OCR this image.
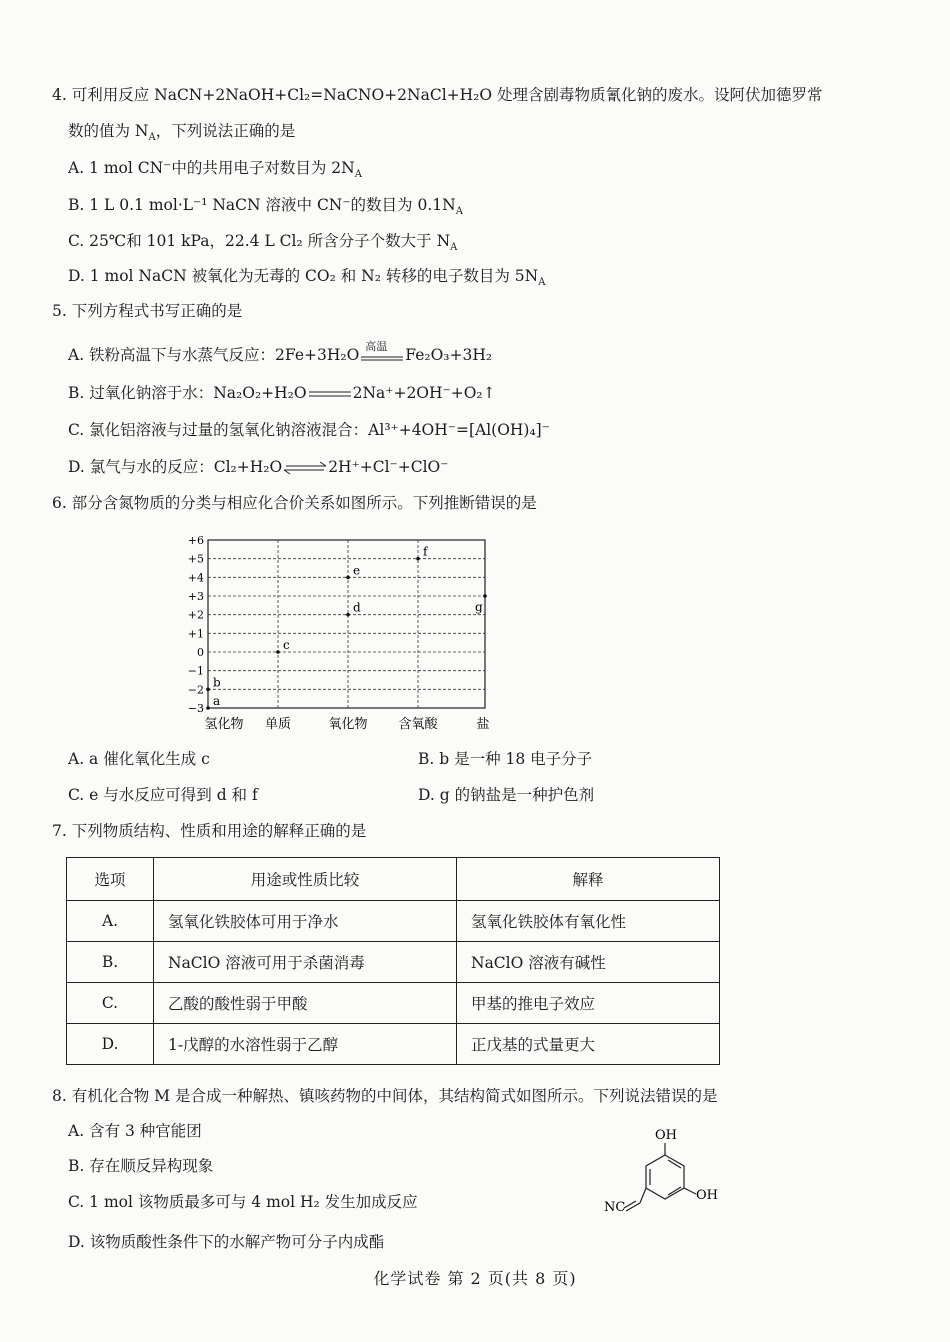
4. 可利用反应 NaCN+2NaOH+Cl₂=NaCNO+2NaCl+H₂O 处理含剧毒物质氰化钠的废水。设阿伏加德罗常
数的值为 $N_A$，下列说法正确的是
A. 1 mol CN⁻中的共用电子对数目为 $2N_A$
B. 1 L 0.1 mol·L⁻¹ NaCN 溶液中 CN⁻的数目为 $0.1N_A$
C. 25℃和 101 kPa，22.4 L Cl₂ 所含分子个数大于 $N_A$
D. 1 mol NaCN 被氧化为无毒的 CO₂ 和 N₂ 转移的电子数目为 $5N_A$
5. 下列方程式书写正确的是
A. 铁粉高温下与水蒸气反应：2Fe+3H₂O 高温 Fe₂O₃+3H₂
B. 过氧化钠溶于水：Na₂O₂+H₂O	2Na⁺+2OH⁻+O₂↑
C. 氯化铝溶液与过量的氢氧化钠溶液混合：Al³⁺+4OH⁻=[Al(OH)₄]⁻
D. 氯气与水的反应：Cl₂+H₂O⇌2H⁺+Cl⁻+ClO⁻
6. 部分含氮物质的分类与相应化合价关系如图所示。下列推断错误的是
+6
+5
+4
+3
+2
+1
0
−1
−2
−3
氢化物 单质	氧化物 含氧酸	盐
a
b
c
d
e
f
g
A. a 催化氧化生成 c	B. b 是一种 18 电子分子
C. e 与水反应可得到 d 和 f	D. g 的钠盐是一种护色剂
7. 下列物质结构、性质和用途的解释正确的是
选项	用途或性质比较	解释
A.	氢氧化铁胶体可用于净水	氢氧化铁胶体有氧化性
B.	NaClO 溶液可用于杀菌消毒	NaClO 溶液有碱性
C.	乙酸的酸性弱于甲酸	甲基的推电子效应
D.	1-戊醇的水溶性弱于乙醇	正戊基的式量更大
8. 有机化合物 M 是合成一种解热、镇咳药物的中间体，其结构简式如图所示。下列说法错误的是
A. 含有 3 种官能团
B. 存在顺反异构现象
C. 1 mol 该物质最多可与 4 mol H₂ 发生加成反应
D. 该物质酸性条件下的水解产物可分子内成酯
OH
OH
NC
化学试卷 第 2 页(共 8 页)
